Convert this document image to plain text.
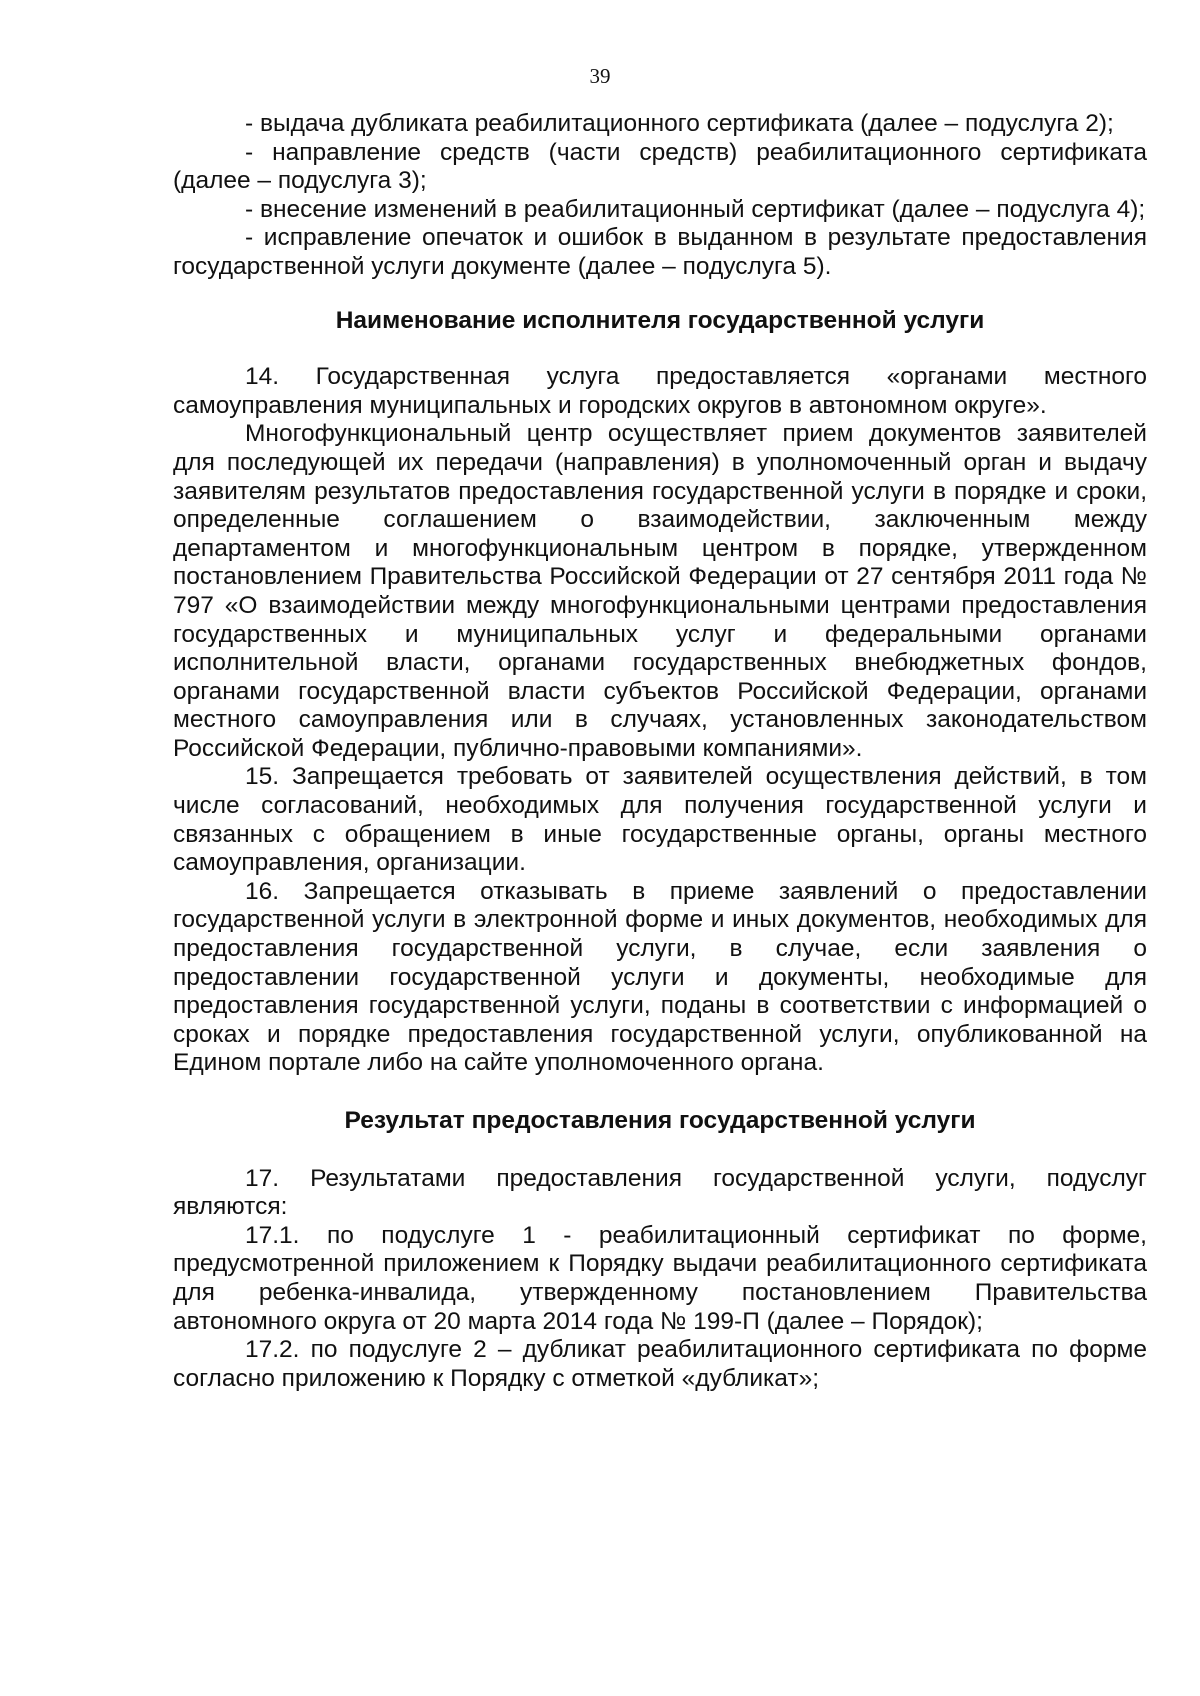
39

- выдача дубликата реабилитационного сертификата (далее – подуслуга 2);

- направление средств (части средств) реабилитационного сертификата (далее – подуслуга 3);

- внесение изменений в реабилитационный сертификат (далее – подуслуга 4);

- исправление опечаток и ошибок в выданном в результате предоставления государственной услуги документе (далее – подуслуга 5).

Наименование исполнителя государственной услуги

14. Государственная услуга предоставляется «органами местного самоуправления муниципальных и городских округов в автономном округе».

Многофункциональный центр осуществляет прием документов заявителей для последующей их передачи (направления) в уполномоченный орган и выдачу заявителям результатов предоставления государственной услуги в порядке и сроки, определенные соглашением о взаимодействии, заключенным между департаментом и многофункциональным центром в порядке, утвержденном постановлением Правительства Российской Федерации от 27 сентября 2011 года № 797 «О взаимодействии между многофункциональными центрами предоставления государственных и муниципальных услуг и федеральными органами исполнительной власти, органами государственных внебюджетных фондов, органами государственной власти субъектов Российской Федерации, органами местного самоуправления или в случаях, установленных законодательством Российской Федерации, публично-правовыми компаниями».

15. Запрещается требовать от заявителей осуществления действий, в том числе согласований, необходимых для получения государственной услуги и связанных с обращением в иные государственные органы, органы местного самоуправления, организации.

16. Запрещается отказывать в приеме заявлений о предоставлении государственной услуги в электронной форме и иных документов, необходимых для предоставления государственной услуги, в случае, если заявления о предоставлении государственной услуги и документы, необходимые для предоставления государственной услуги, поданы в соответствии с информацией о сроках и порядке предоставления государственной услуги, опубликованной на Едином портале либо на сайте уполномоченного органа.

Результат предоставления государственной услуги

17. Результатами предоставления государственной услуги, подуслуг являются:

17.1. по подуслуге 1 - реабилитационный сертификат по форме, предусмотренной приложением к Порядку выдачи реабилитационного сертификата для ребенка-инвалида, утвержденному постановлением Правительства автономного округа от 20 марта 2014 года № 199-П (далее – Порядок);

17.2. по подуслуге 2 – дубликат реабилитационного сертификата по форме согласно приложению к Порядку с отметкой «дубликат»;
